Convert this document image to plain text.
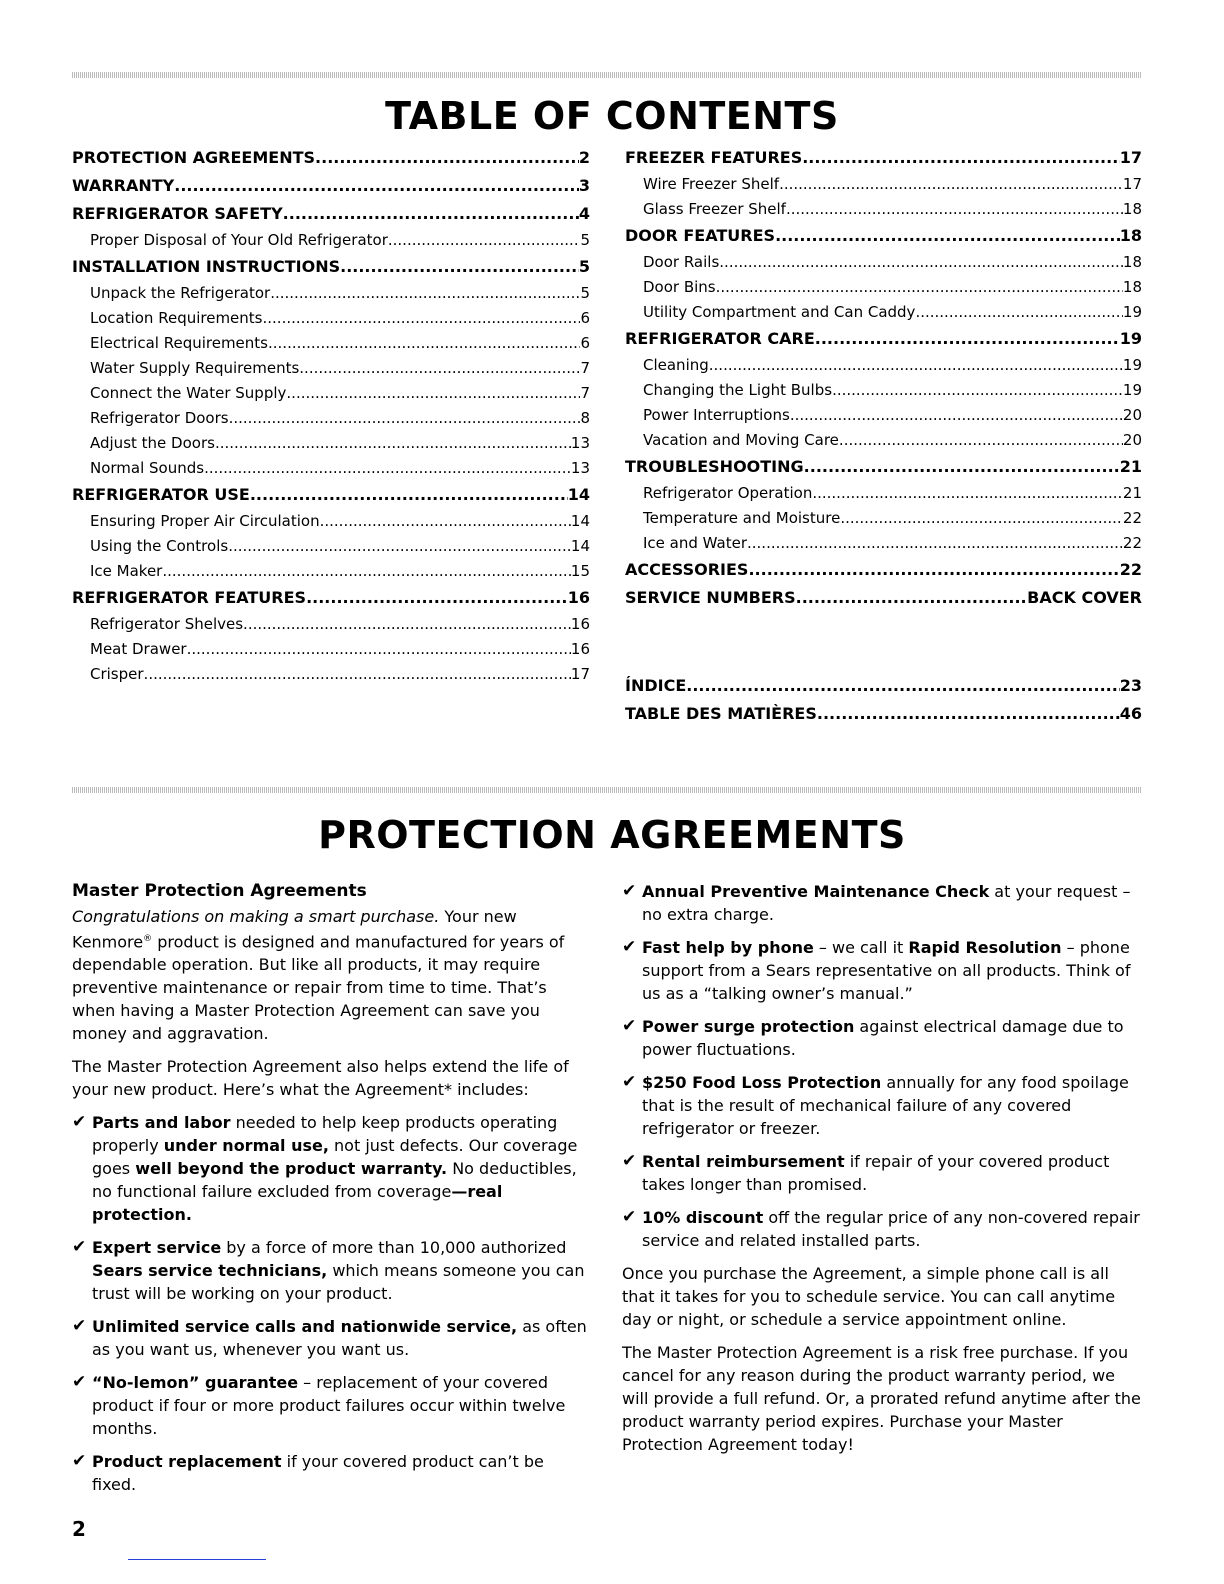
TABLE OF CONTENTS
PROTECTION AGREEMENTS .....	2
WARRANTY .....	3
REFRIGERATOR SAFETY .....	4
Proper Disposal of Your Old Refrigerator .....	5
INSTALLATION INSTRUCTIONS .....	5
Unpack the Refrigerator .....	5
Location Requirements .....	6
Electrical Requirements .....	6
Water Supply Requirements .....	7
Connect the Water Supply .....	7
Refrigerator Doors .....	8
Adjust the Doors .....	13
Normal Sounds .....	13
REFRIGERATOR USE .....	14
Ensuring Proper Air Circulation .....	14
Using the Controls .....	14
Ice Maker .....	15
REFRIGERATOR FEATURES .....	16
Refrigerator Shelves .....	16
Meat Drawer .....	16
Crisper .....	17
FREEZER FEATURES .....	17
Wire Freezer Shelf .....	17
Glass Freezer Shelf .....	18
DOOR FEATURES .....	18
Door Rails .....	18
Door Bins .....	18
Utility Compartment and Can Caddy .....	19
REFRIGERATOR CARE .....	19
Cleaning .....	19
Changing the Light Bulbs .....	19
Power Interruptions .....	20
Vacation and Moving Care .....	20
TROUBLESHOOTING .....	21
Refrigerator Operation .....	21
Temperature and Moisture .....	22
Ice and Water .....	22
ACCESSORIES .....	22
SERVICE NUMBERS .....	BACK COVER
ÍNDICE .....	23
TABLE DES MATIÈRES .....	46
PROTECTION AGREEMENTS
Master Protection Agreements

Congratulations on making a smart purchase. Your new Kenmore® product is designed and manufactured for years of dependable operation. But like all products, it may require preventive maintenance or repair from time to time. That’s when having a Master Protection Agreement can save you money and aggravation.

The Master Protection Agreement also helps extend the life of your new product. Here’s what the Agreement* includes:

✔ Parts and labor needed to help keep products operating properly under normal use, not just defects. Our coverage goes well beyond the product warranty. No deductibles, no functional failure excluded from coverage—real protection.
✔ Expert service by a force of more than 10,000 authorized Sears service technicians, which means someone you can trust will be working on your product.
✔ Unlimited service calls and nationwide service, as often as you want us, whenever you want us.
✔ “No-lemon” guarantee – replacement of your covered product if four or more product failures occur within twelve months.
✔ Product replacement if your covered product can’t be fixed.
✔ Annual Preventive Maintenance Check at your request – no extra charge.
✔ Fast help by phone – we call it Rapid Resolution – phone support from a Sears representative on all products. Think of us as a “talking owner’s manual.”
✔ Power surge protection against electrical damage due to power fluctuations.
✔ $250 Food Loss Protection annually for any food spoilage that is the result of mechanical failure of any covered refrigerator or freezer.
✔ Rental reimbursement if repair of your covered product takes longer than promised.
✔ 10% discount off the regular price of any non-covered repair service and related installed parts.

Once you purchase the Agreement, a simple phone call is all that it takes for you to schedule service. You can call anytime day or night, or schedule a service appointment online.

The Master Protection Agreement is a risk free purchase. If you cancel for any reason during the product warranty period, we will provide a full refund. Or, a prorated refund anytime after the product warranty period expires. Purchase your Master Protection Agreement today!

2
